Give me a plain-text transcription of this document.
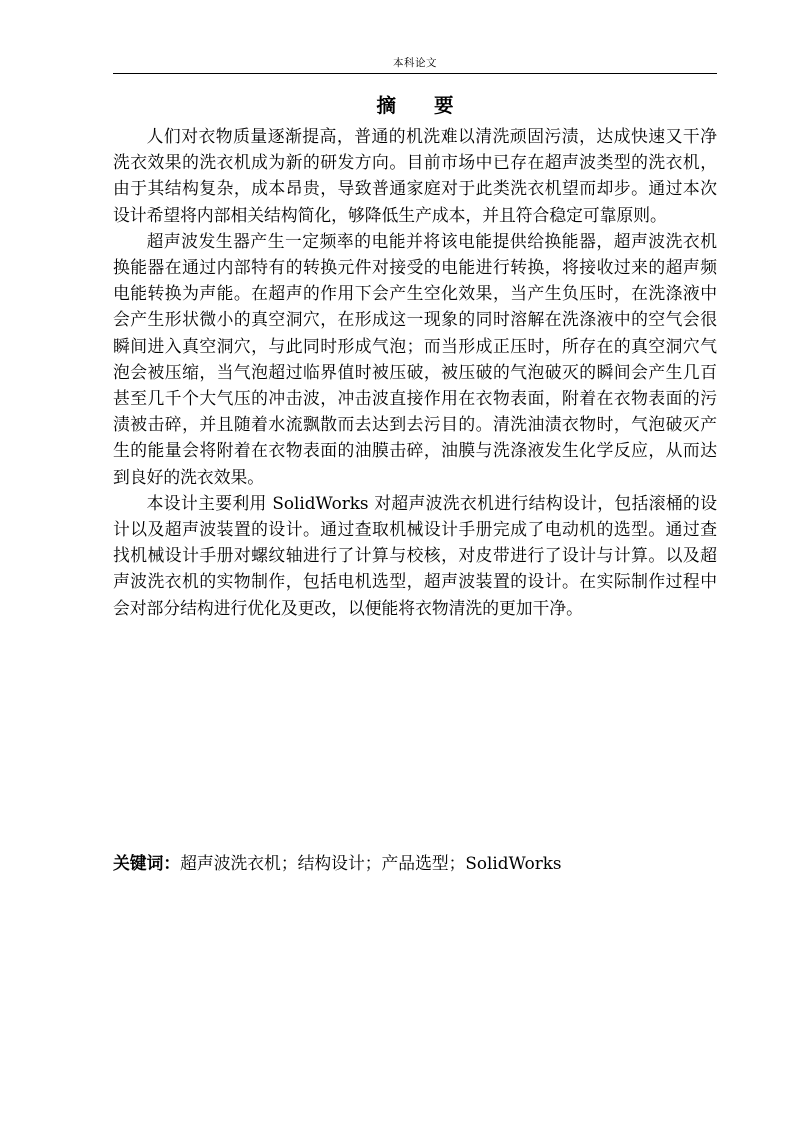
本科论文
摘 要

人们对衣物质量逐渐提高，普通的机洗难以清洗顽固污渍，达成快速又干净洗衣效果的洗衣机成为新的研发方向。目前市场中已存在超声波类型的洗衣机，由于其结构复杂，成本昂贵，导致普通家庭对于此类洗衣机望而却步。通过本次设计希望将内部相关结构简化，够降低生产成本，并且符合稳定可靠原则。

超声波发生器产生一定频率的电能并将该电能提供给换能器，超声波洗衣机换能器在通过内部特有的转换元件对接受的电能进行转换，将接收过来的超声频电能转换为声能。在超声的作用下会产生空化效果，当产生负压时，在洗涤液中会产生形状微小的真空洞穴，在形成这一现象的同时溶解在洗涤液中的空气会很瞬间进入真空洞穴，与此同时形成气泡；而当形成正压时，所存在的真空洞穴气泡会被压缩，当气泡超过临界值时被压破，被压破的气泡破灭的瞬间会产生几百甚至几千个大气压的冲击波，冲击波直接作用在衣物表面，附着在衣物表面的污渍被击碎，并且随着水流飘散而去达到去污目的。清洗油渍衣物时，气泡破灭产生的能量会将附着在衣物表面的油膜击碎，油膜与洗涤液发生化学反应，从而达到良好的洗衣效果。

本设计主要利用 SolidWorks 对超声波洗衣机进行结构设计，包括滚桶的设计以及超声波装置的设计。通过查取机械设计手册完成了电动机的选型。通过查找机械设计手册对螺纹轴进行了计算与校核，对皮带进行了设计与计算。以及超声波洗衣机的实物制作，包括电机选型，超声波装置的设计。在实际制作过程中会对部分结构进行优化及更改，以便能将衣物清洗的更加干净。

关键词：超声波洗衣机；结构设计；产品选型；SolidWorks
